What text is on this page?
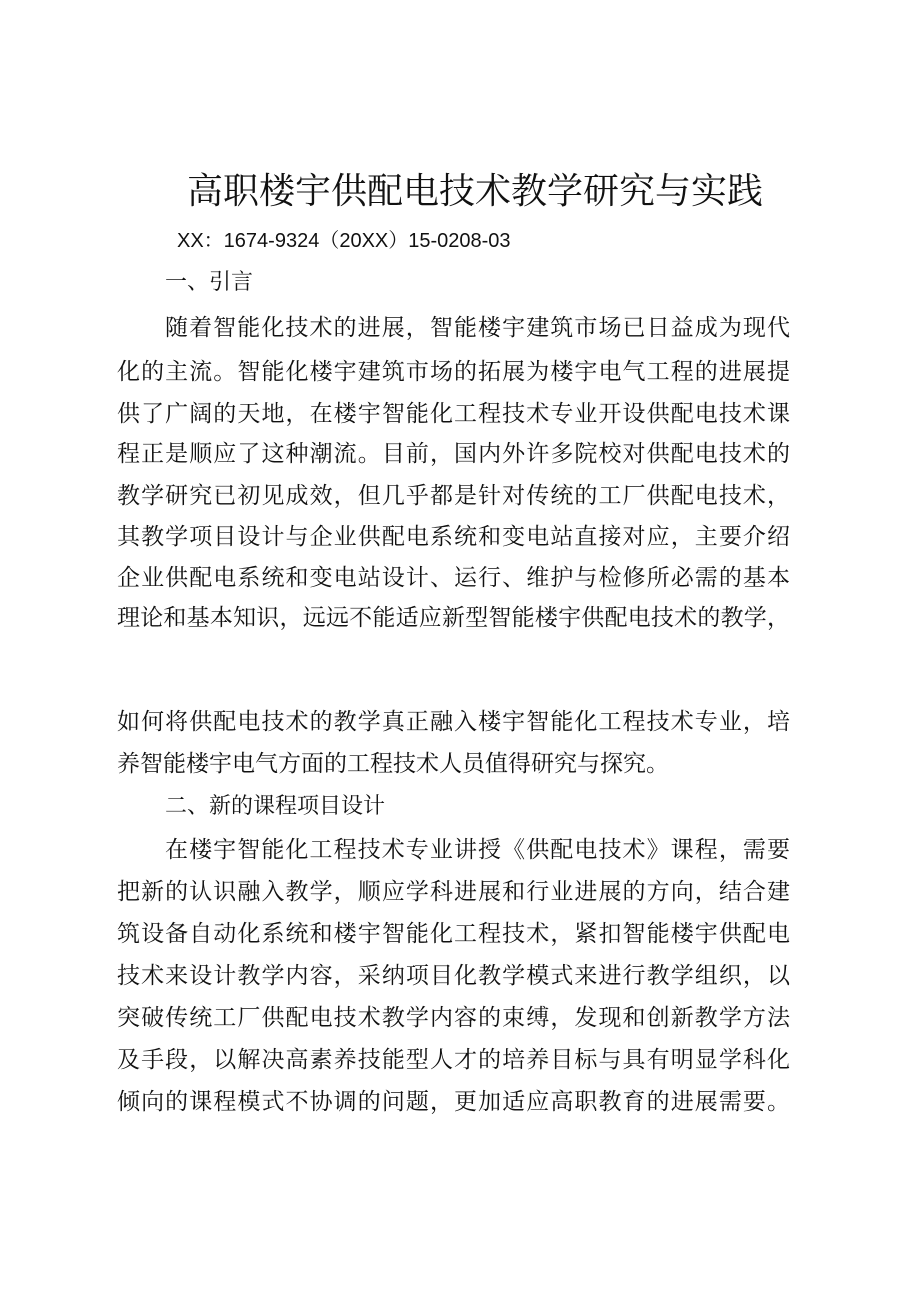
高职楼宇供配电技术教学研究与实践
XX：1674-9324（20XX）15-0208-03
一、引言
随着智能化技术的进展，智能楼宇建筑市场已日益成为现代
化的主流。智能化楼宇建筑市场的拓展为楼宇电气工程的进展提
供了广阔的天地，在楼宇智能化工程技术专业开设供配电技术课
程正是顺应了这种潮流。目前，国内外许多院校对供配电技术的
教学研究已初见成效，但几乎都是针对传统的工厂供配电技术，
其教学项目设计与企业供配电系统和变电站直接对应，主要介绍
企业供配电系统和变电站设计、运行、维护与检修所必需的基本
理论和基本知识，远远不能适应新型智能楼宇供配电技术的教学，
如何将供配电技术的教学真正融入楼宇智能化工程技术专业，培
养智能楼宇电气方面的工程技术人员值得研究与探究。
二、新的课程项目设计
在楼宇智能化工程技术专业讲授《供配电技术》课程，需要
把新的认识融入教学，顺应学科进展和行业进展的方向，结合建
筑设备自动化系统和楼宇智能化工程技术，紧扣智能楼宇供配电
技术来设计教学内容，采纳项目化教学模式来进行教学组织，以
突破传统工厂供配电技术教学内容的束缚，发现和创新教学方法
及手段，以解决高素养技能型人才的培养目标与具有明显学科化
倾向的课程模式不协调的问题，更加适应高职教育的进展需要。
